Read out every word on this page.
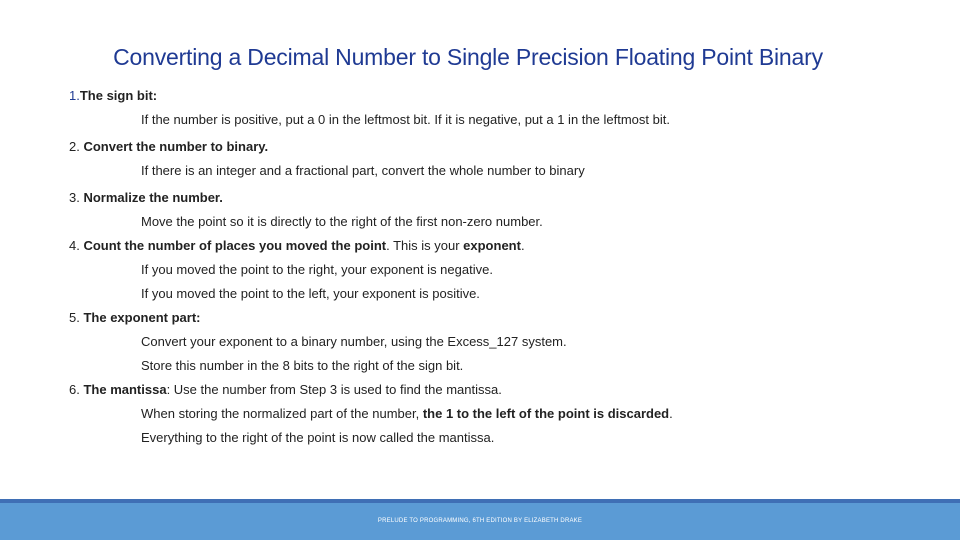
Converting a Decimal Number to Single Precision Floating Point Binary
1.The sign bit:
If the number is positive, put a 0 in the leftmost bit. If it is negative, put a 1 in the leftmost bit.
2. Convert the number to binary.
If there is an integer and a fractional part, convert the whole number to binary
3. Normalize the number.
Move the point so it is directly to the right of the first non-zero number.
4. Count the number of places you moved the point. This is your exponent.
If you moved the point to the right, your exponent is negative.
If you moved the point to the left, your exponent is positive.
5. The exponent part:
Convert your exponent to a binary number, using the Excess_127 system.
Store this number in the 8 bits to the right of the sign bit.
6. The mantissa: Use the number from Step 3 is used to find the mantissa.
When storing the normalized part of the number, the 1 to the left of the point is discarded.
Everything to the right of the point is now called the mantissa.
PRELUDE TO PROGRAMMING, 6TH EDITION BY ELIZABETH DRAKE
